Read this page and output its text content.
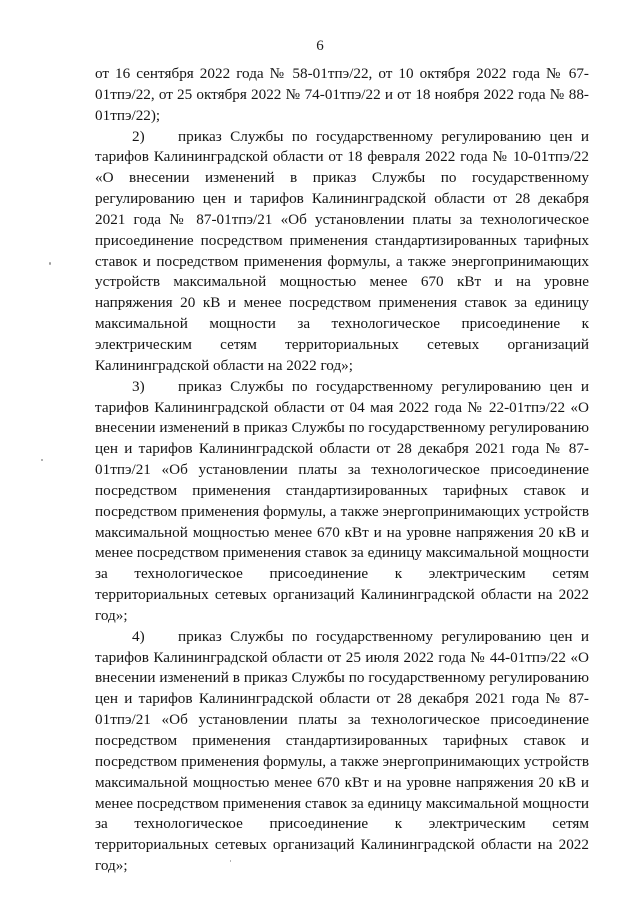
6

от 16 сентября 2022 года № 58-01тпэ/22, от 10 октября 2022 года № 67-01тпэ/22, от 25 октября 2022 № 74-01тпэ/22 и от 18 ноября 2022 года № 88-01тпэ/22);

2) приказ Службы по государственному регулированию цен и тарифов Калининградской области от 18 февраля 2022 года № 10-01тпэ/22 «О внесении изменений в приказ Службы по государственному регулированию цен и тарифов Калининградской области от 28 декабря 2021 года № 87-01тпэ/21 «Об установлении платы за технологическое присоединение посредством применения стандартизированных тарифных ставок и посредством применения формулы, а также энергопринимающих устройств максимальной мощностью менее 670 кВт и на уровне напряжения 20 кВ и менее посредством применения ставок за единицу максимальной мощности за технологическое присоединение к электрическим сетям территориальных сетевых организаций Калининградской области на 2022 год»;

3) приказ Службы по государственному регулированию цен и тарифов Калининградской области от 04 мая 2022 года № 22-01тпэ/22 «О внесении изменений в приказ Службы по государственному регулированию цен и тарифов Калининградской области от 28 декабря 2021 года № 87-01тпэ/21 «Об установлении платы за технологическое присоединение посредством применения стандартизированных тарифных ставок и посредством применения формулы, а также энергопринимающих устройств максимальной мощностью менее 670 кВт и на уровне напряжения 20 кВ и менее посредством применения ставок за единицу максимальной мощности за технологическое присоединение к электрическим сетям территориальных сетевых организаций Калининградской области на 2022 год»;

4) приказ Службы по государственному регулированию цен и тарифов Калининградской области от 25 июля 2022 года № 44-01тпэ/22 «О внесении изменений в приказ Службы по государственному регулированию цен и тарифов Калининградской области от 28 декабря 2021 года № 87-01тпэ/21 «Об установлении платы за технологическое присоединение посредством применения стандартизированных тарифных ставок и посредством применения формулы, а также энергопринимающих устройств максимальной мощностью менее 670 кВт и на уровне напряжения 20 кВ и менее посредством применения ставок за единицу максимальной мощности за технологическое присоединение к электрическим сетям территориальных сетевых организаций Калининградской области на 2022 год»;
